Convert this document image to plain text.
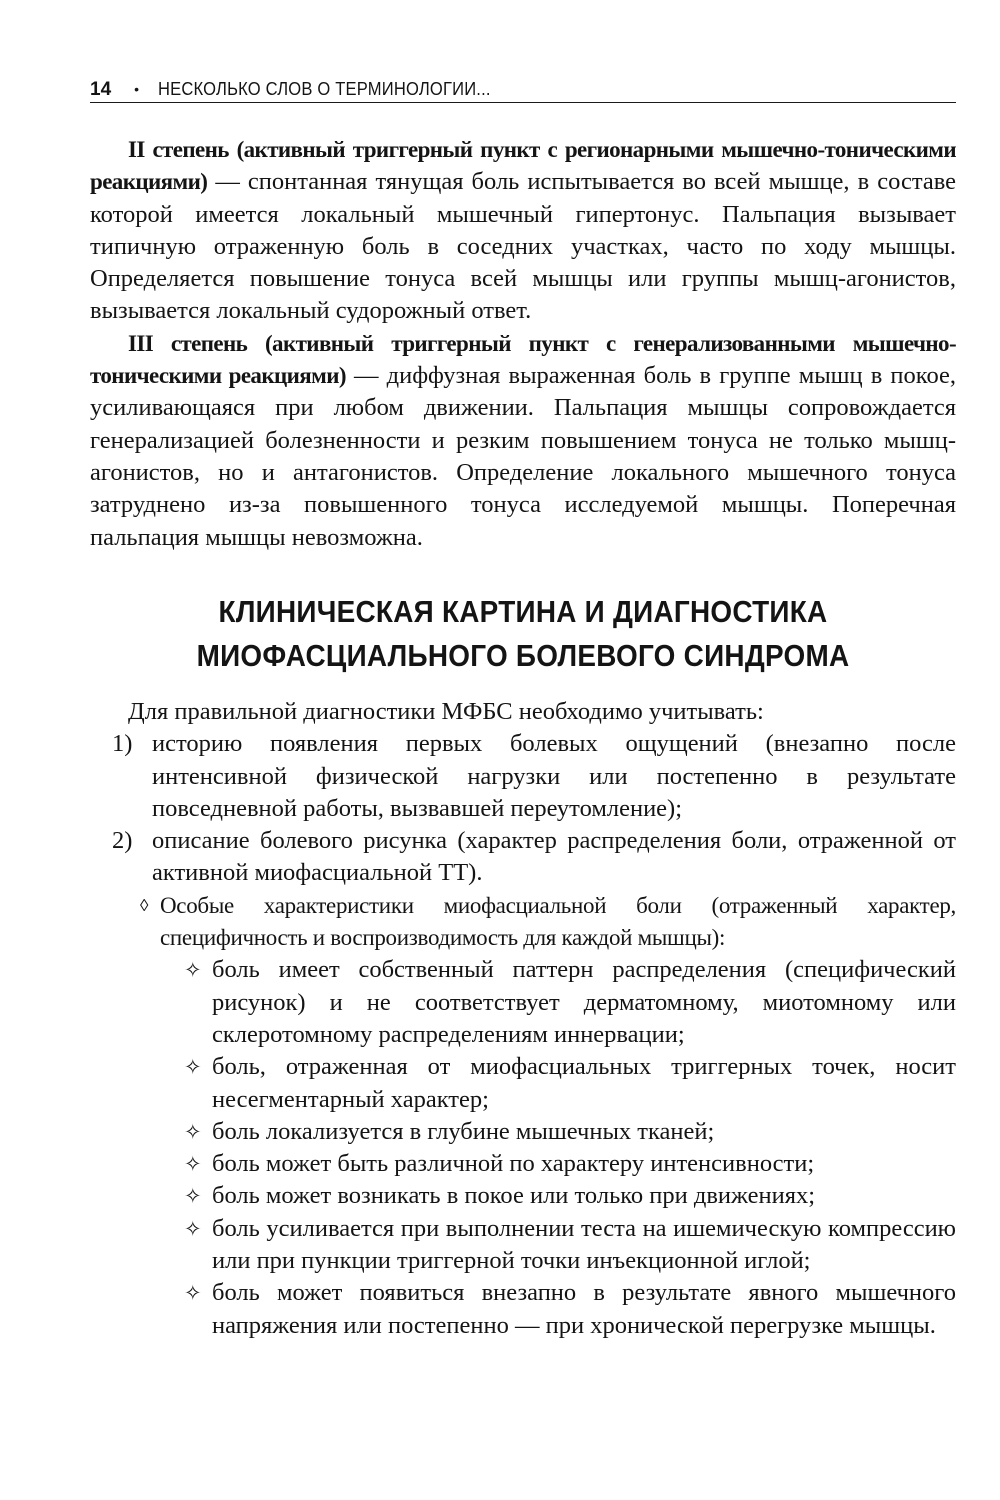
14 • НЕСКОЛЬКО СЛОВ О ТЕРМИНОЛОГИИ...

II степень (активный триггерный пункт с регионарными мышечно-тоническими реакциями) — спонтанная тянущая боль испытывается во всей мышце, в составе которой имеется локальный мышечный гипертонус. Пальпация вызывает типичную отраженную боль в соседних участках, часто по ходу мышцы. Определяется повышение тонуса всей мышцы или группы мышц-агонистов, вызывается локальный судорожный ответ.

III степень (активный триггерный пункт с генерализованными мышечно-тоническими реакциями) — диффузная выраженная боль в группе мышц в покое, усиливающаяся при любом движении. Пальпация мышцы сопровождается генерализацией болезненности и резким повышением тонуса не только мышц-агонистов, но и антагонистов. Определение локального мышечного тонуса затруднено из-за повышенного тонуса исследуемой мышцы. Поперечная пальпация мышцы невозможна.

КЛИНИЧЕСКАЯ КАРТИНА И ДИАГНОСТИКА
МИОФАСЦИАЛЬНОГО БОЛЕВОГО СИНДРОМА

Для правильной диагностики МФБС необходимо учитывать:

1) историю появления первых болевых ощущений (внезапно после интенсивной физической нагрузки или постепенно в результате повседневной работы, вызвавшей переутомление);

2) описание болевого рисунка (характер распределения боли, отраженной от активной миофасциальной ТТ).

◊ Особые характеристики миофасциальной боли (отраженный характер, специфичность и воспроизводимость для каждой мышцы):

✧ боль имеет собственный паттерн распределения (специфический рисунок) и не соответствует дерматомному, миотомному или склеротомному распределениям иннервации;

✧ боль, отраженная от миофасциальных триггерных точек, носит несегментарный характер;

✧ боль локализуется в глубине мышечных тканей;

✧ боль может быть различной по характеру интенсивности;

✧ боль может возникать в покое или только при движениях;

✧ боль усиливается при выполнении теста на ишемическую компрессию или при пункции триггерной точки инъекционной иглой;

✧ боль может появиться внезапно в результате явного мышечного напряжения или постепенно — при хронической перегрузке мышцы.
